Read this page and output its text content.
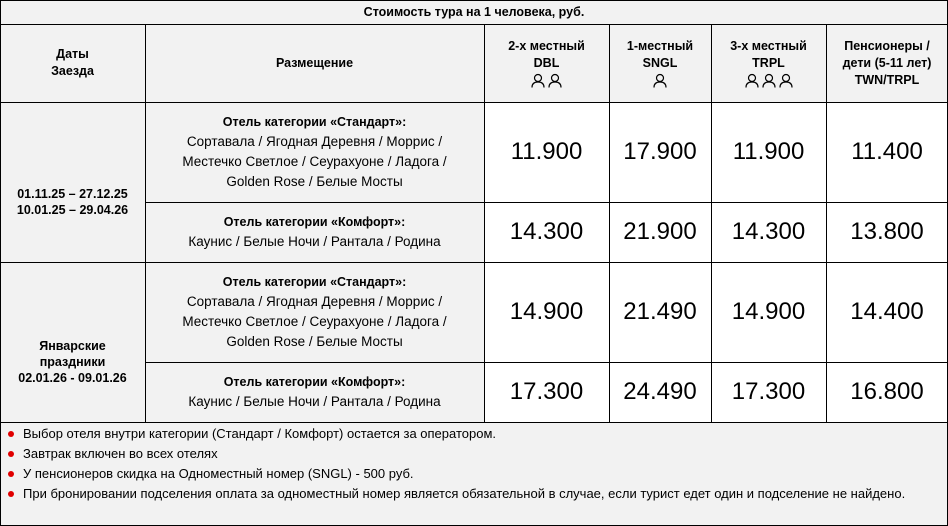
Стоимость тура на 1 человека, руб.
Даты
Заезда
Размещение
2-х местный
DBL
1-местный
SNGL
3-х местный
TRPL
Пенсионеры /
дети (5-11 лет)
TWN/TRPL
01.11.25 – 27.12.25
10.01.25 – 29.04.26
Отель категории «Стандарт»:
Сортавала / Ягодная Деревня / Моррис /
Местечко Светлое / Сеурахуоне / Ладога /
Golden Rose / Белые Мосты
11.900 17.900 11.900 11.400
Отель категории «Комфорт»:
Каунис / Белые Ночи / Рантала / Родина	14.300 21.900 14.300 13.800
Январские
праздники
02.01.26 - 09.01.26
Отель категории «Стандарт»:
Сортавала / Ягодная Деревня / Моррис /
Местечко Светлое / Сеурахуоне / Ладога /
Golden Rose / Белые Мосты
14.900 21.490 14.900 14.400
Отель категории «Комфорт»:
Каунис / Белые Ночи / Рантала / Родина	17.300 24.490 17.300 16.800
Выбор отеля внутри категории (Стандарт / Комфорт) остается за оператором.
Завтрак включен во всех отелях
У пенсионеров скидка на Одноместный номер (SNGL) - 500 руб.
При бронировании подселения оплата за одноместный номер является обязательной в случае, если турист едет один и подселение не найдено.
